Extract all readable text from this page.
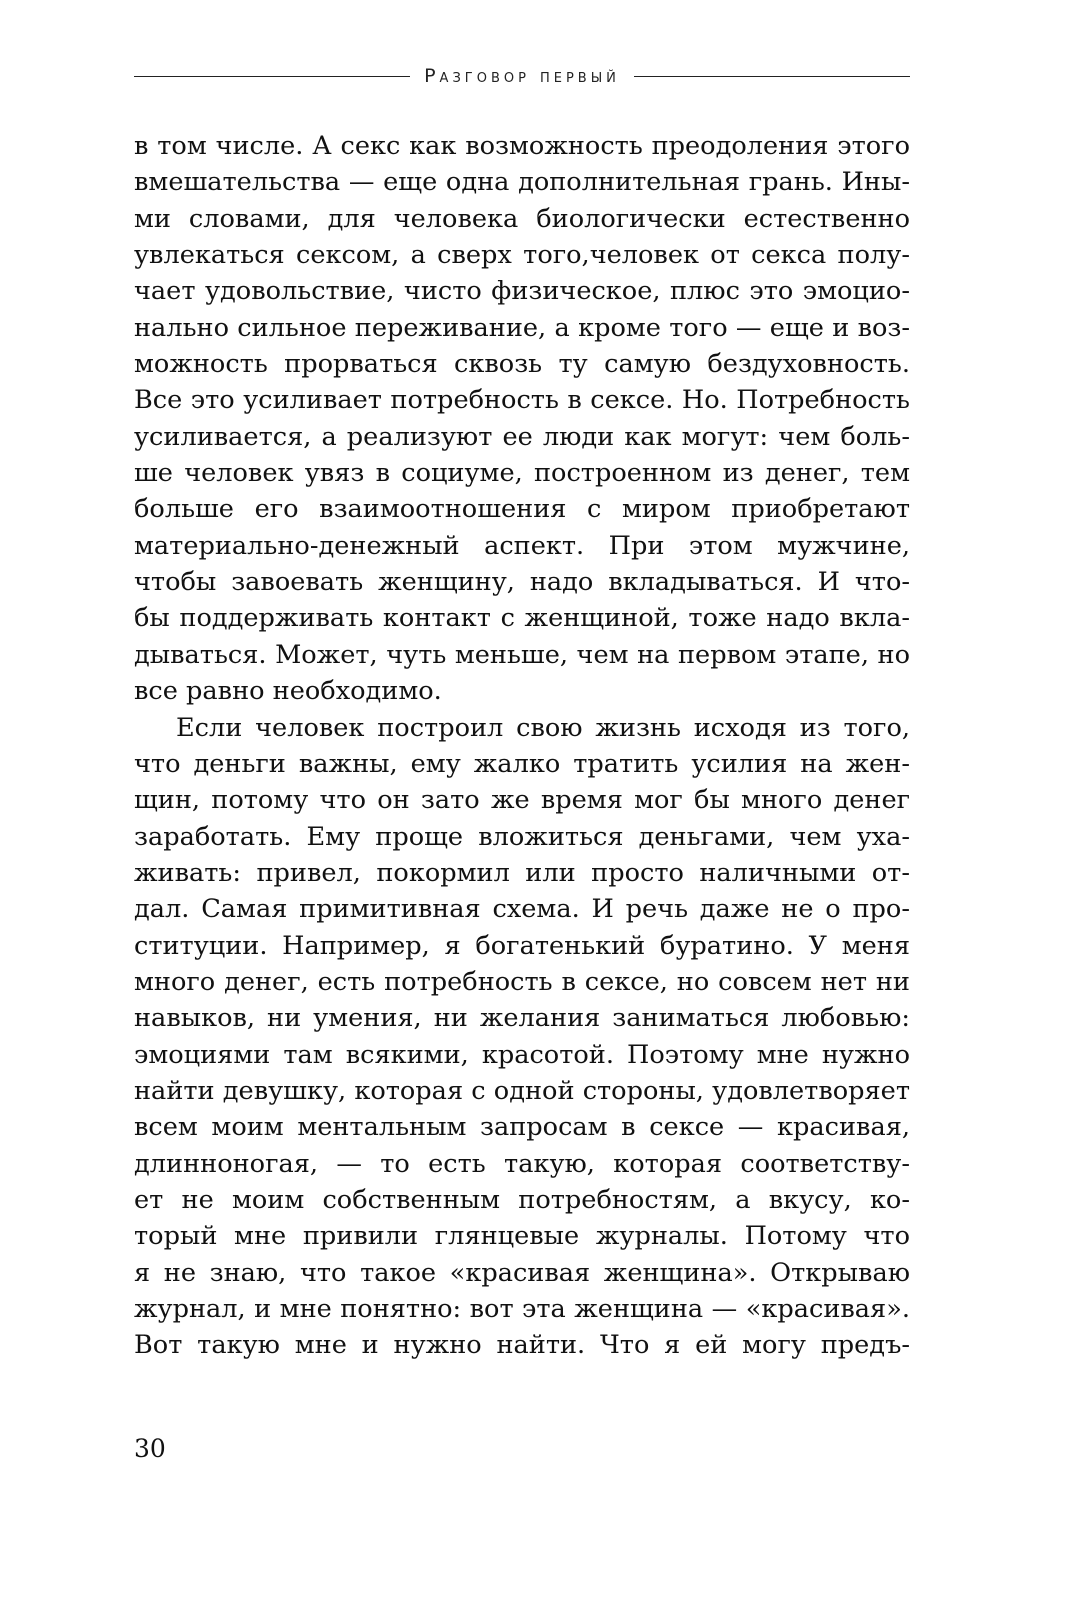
Разговор первый

в том числе. А секс как возможность преодоления этого
вмешательства — еще одна дополнительная грань. Ины-
ми словами, для человека биологически естественно
увлекаться сексом, а сверх того,человек от секса полу-
чает удовольствие, чисто физическое, плюс это эмоцио-
нально сильное переживание, а кроме того — еще и воз-
можность прорваться сквозь ту самую бездуховность.
Все это усиливает потребность в сексе. Но. Потребность
усиливается, а реализуют ее люди как могут: чем боль-
ше человек увяз в социуме, построенном из денег, тем
больше его взаимоотношения с миром приобретают
материально-денежный аспект. При этом мужчине,
чтобы завоевать женщину, надо вкладываться. И что-
бы поддерживать контакт с женщиной, тоже надо вкла-
дываться. Может, чуть меньше, чем на первом этапе, но
все равно необходимо.

Если человек построил свою жизнь исходя из того,
что деньги важны, ему жалко тратить усилия на жен-
щин, потому что он зато же время мог бы много денег
заработать. Ему проще вложиться деньгами, чем уха-
живать: привел, покормил или просто наличными от-
дал. Самая примитивная схема. И речь даже не о про-
ституции. Например, я богатенький буратино. У меня
много денег, есть потребность в сексе, но совсем нет ни
навыков, ни умения, ни желания заниматься любовью:
эмоциями там всякими, красотой. Поэтому мне нужно
найти девушку, которая с одной стороны, удовлетворяет
всем моим ментальным запросам в сексе — красивая,
длинноногая, — то есть такую, которая соответству-
ет не моим собственным потребностям, а вкусу, ко-
торый мне привили глянцевые журналы. Потому что
я не знаю, что такое «красивая женщина». Открываю
журнал, и мне понятно: вот эта женщина — «красивая».
Вот такую мне и нужно найти. Что я ей могу предъ-

30
